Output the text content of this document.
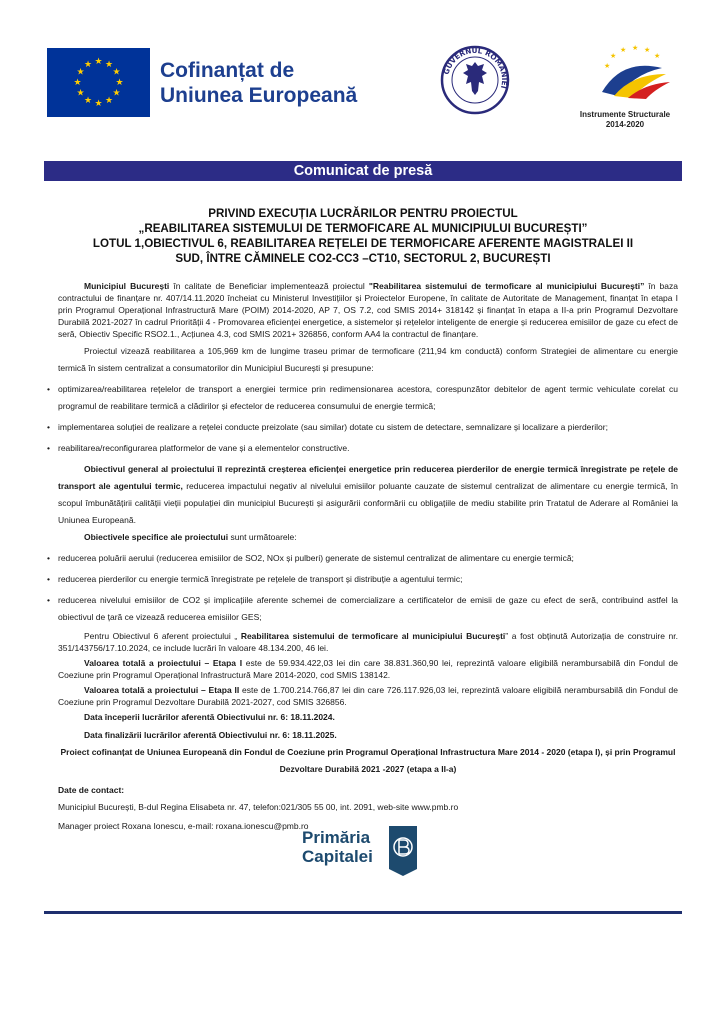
★ ★
★
★
★
★
★
★
★
★
★
★	Cofinanțat de
Uniunea Europeană
GUVERNUL ROMÂNIEI
★
★ ★ ★
★
★
Instrumente Structurale
2014-2020
Comunicat de presă
PRIVIND EXECUȚIA LUCRĂRILOR PENTRU PROIECTUL
„REABILITAREA SISTEMULUI DE TERMOFICARE AL MUNICIPIULUI BUCUREȘTI”
LOTUL 1,OBIECTIVUL 6, REABILITAREA REȚELEI DE TERMOFICARE AFERENTE MAGISTRALEI II
SUD, ÎNTRE CĂMINELE CO2-CC3 –CT10, SECTORUL 2, BUCUREȘTI

Municipiul București în calitate de Beneficiar implementează proiectul "Reabilitarea sistemului de termoficare al municipiului București” în baza contractului de finanțare nr. 407/14.11.2020 încheiat cu Ministerul Investițiilor și Proiectelor Europene, în calitate de Autoritate de Management, finanțat în etapa I prin Programul Operațional Infrastructură Mare (POIM) 2014-2020, AP 7, OS 7.2, cod SMIS 2014+ 318142 și finanțat în etapa a II-a prin Programul Dezvoltare Durabilă 2021-2027 în cadrul Priorității 4 - Promovarea eficienței energetice, a sistemelor și rețelelor inteligente de energie și reducerea emisiilor de gaze cu efect de seră, Obiectiv Specific RSO2.1., Acțiunea 4.3, cod SMIS 2021+ 326856, conform AA4 la contractul de finanțare.

Proiectul vizează reabilitarea a 105,969 km de lungime traseu primar de termoficare (211,94 km conductă) conform Strategiei de alimentare cu energie termică în sistem centralizat a consumatorilor din Municipiul București și presupune:

• optimizarea/reabilitarea rețelelor de transport a energiei termice prin redimensionarea acestora, corespunzător debitelor de agent termic vehiculate corelat cu programul de reabilitare termică a clădirilor și efectelor de reducerea consumului de energie termică;
• implementarea soluției de realizare a rețelei conducte preizolate (sau similar) dotate cu sistem de detectare, semnalizare și localizare a pierderilor;
• reabilitarea/reconfigurarea platformelor de vane și a elementelor constructive.

Obiectivul general al proiectului îl reprezintă creșterea eficienței energetice prin reducerea pierderilor de energie termică înregistrate pe rețele de transport ale agentului termic, reducerea impactului negativ al nivelului emisiilor poluante cauzate de sistemul centralizat de alimentare cu energie termică, în scopul îmbunătățirii calității vieții populației din municipiul București și asigurării conformării cu obligațiile de mediu stabilite prin Tratatul de Aderare al României la Uniunea Europeană.

Obiectivele specifice ale proiectului sunt următoarele:

• reducerea poluării aerului (reducerea emisiilor de SO2, NOx și pulberi) generate de sistemul centralizat de alimentare cu energie termică;
• reducerea pierderilor cu energie termică înregistrate pe rețelele de transport și distribuție a agentului termic;
• reducerea nivelului emisiilor de CO2 și implicațiile aferente schemei de comercializare a certificatelor de emisii de gaze cu efect de seră, contribuind astfel la obiectivul de țară ce vizează reducerea emisiilor GES;

Pentru Obiectivul 6 aferent proiectului „ Reabilitarea sistemului de termoficare al municipiului București” a fost obținută Autorizația de construire nr. 351/143756/17.10.2024, ce include lucrări în valoare 48.134.200, 46 lei.

Valoarea totală a proiectului – Etapa I este de 59.934.422,03 lei din care 38.831.360,90 lei, reprezintă valoare eligibilă nerambursabilă din Fondul de Coeziune prin Programul Operațional Infrastructură Mare 2014-2020, cod SMIS 138142.

Valoarea totală a proiectului – Etapa II este de 1.700.214.766,87 lei din care 726.117.926,03 lei, reprezintă valoare eligibilă nerambursabilă din Fondul de Coeziune prin Programul Dezvoltare Durabilă 2021-2027, cod SMIS 326856.

Data începerii lucrărilor aferentă Obiectivului nr. 6: 18.11.2024.

Data finalizării lucrărilor aferentă Obiectivului nr. 6: 18.11.2025.

Proiect cofinanțat de Uniunea Europeană din Fondul de Coeziune prin Programul Operațional Infrastructura Mare 2014 - 2020 (etapa I), și prin Programul Dezvoltare Durabilă 2021 -2027 (etapa a II-a)

Date de contact:

Municipiul București, B-dul Regina Elisabeta nr. 47, telefon:021/305 55 00, int. 2091, web-site www.pmb.ro

Manager proiect Roxana Ionescu, e-mail: roxana.ionescu@pmb.ro

Primăria
Capitalei
